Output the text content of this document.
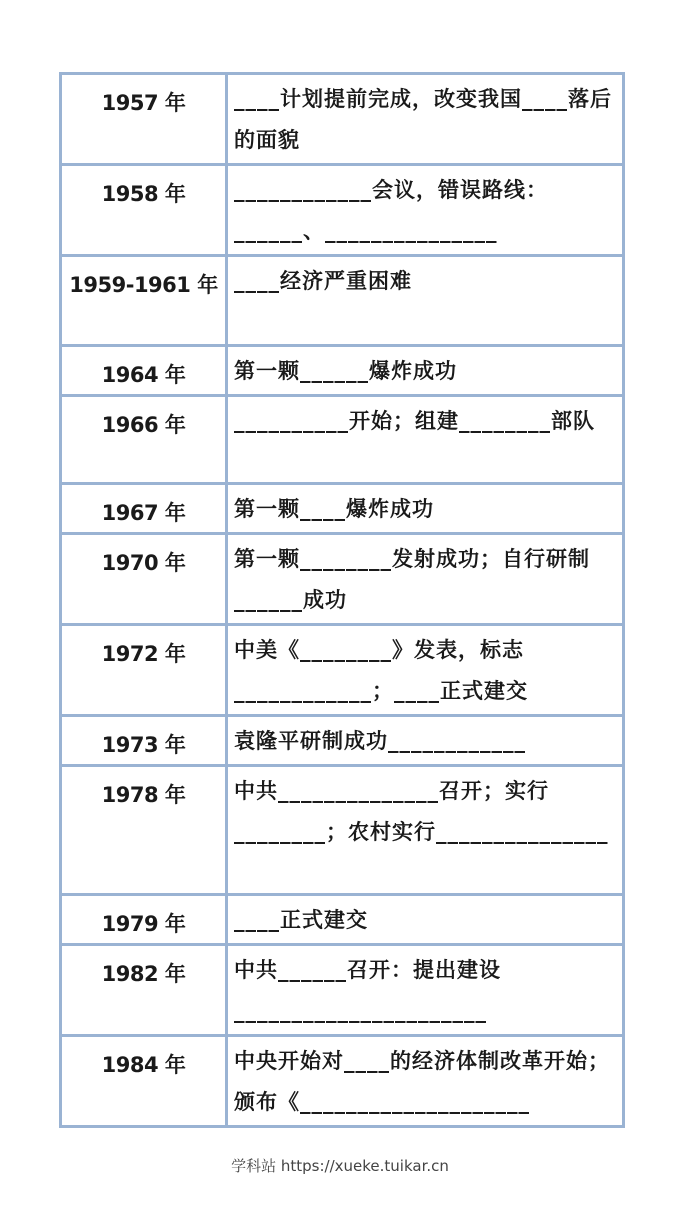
1957 年	____计划提前完成，改变我国____落后的面貌
1958 年	____________会议，错误路线：______、_______________
1959-1961 年	____经济严重困难
1964 年	第一颗______爆炸成功
1966 年	__________开始；组建________部队
1967 年	第一颗____爆炸成功
1970 年	第一颗________发射成功；自行研制______成功
1972 年	中美《________》发表，标志____________；____正式建交
1973 年	袁隆平研制成功____________
1978 年	中共______________召开；实行________；农村实行_______________
1979 年	____正式建交
1982 年	中共______召开：提出建设______________________
1984 年	中央开始对____的经济体制改革开始；颁布《____________________
学科站 https://xueke.tuikar.cn
